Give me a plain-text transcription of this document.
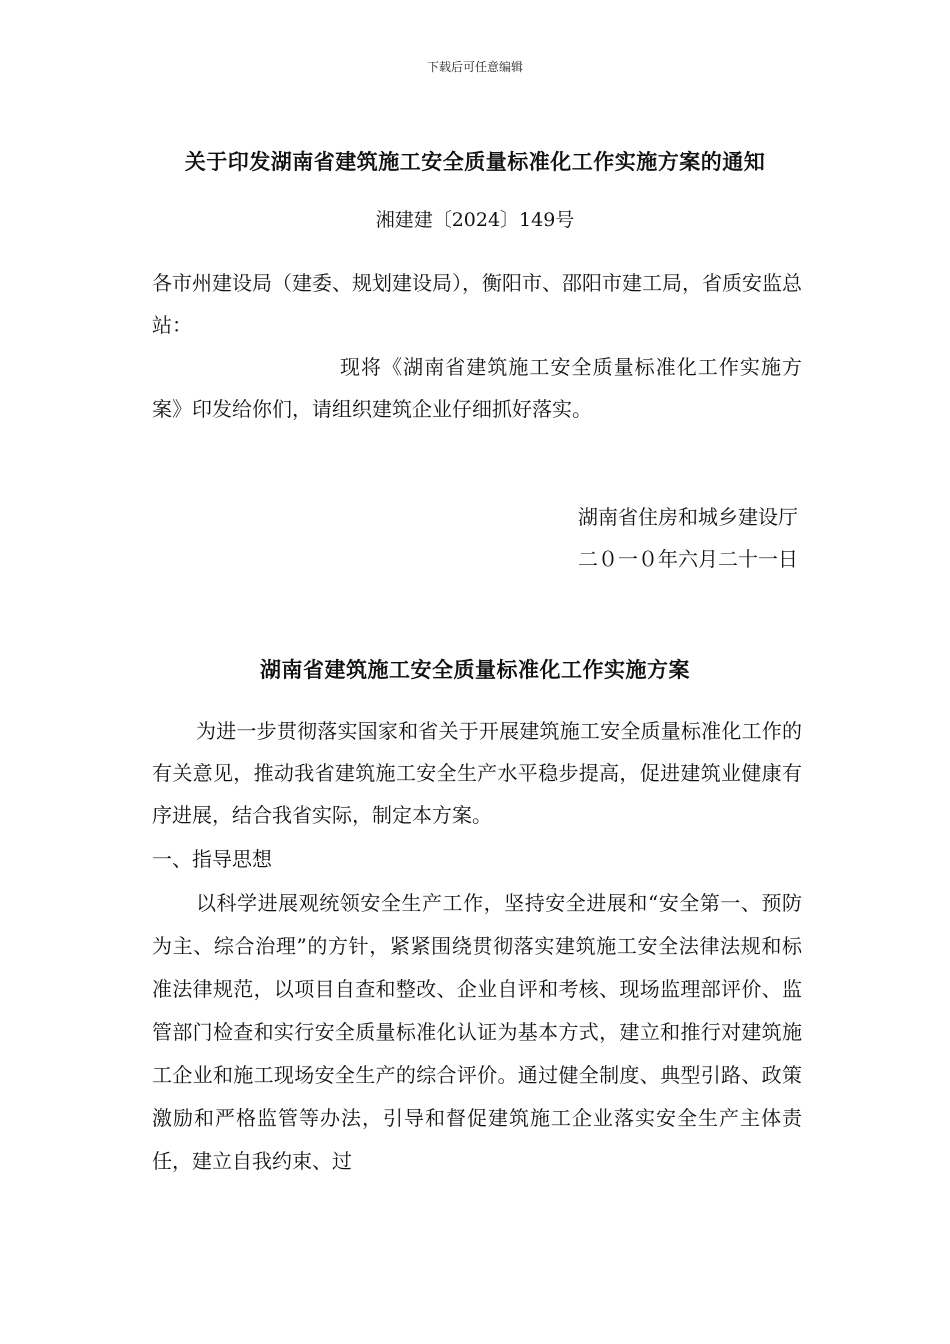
下载后可任意编辑
关于印发湖南省建筑施工安全质量标准化工作实施方案的通知
湘建建〔2024〕149号
各市州建设局（建委、规划建设局），衡阳市、邵阳市建工局，省质安监总站：
现将《湖南省建筑施工安全质量标准化工作实施方案》印发给你们，请组织建筑企业仔细抓好落实。
湖南省住房和城乡建设厅
二０一０年六月二十一日
湖南省建筑施工安全质量标准化工作实施方案
为进一步贯彻落实国家和省关于开展建筑施工安全质量标准化工作的有关意见，推动我省建筑施工安全生产水平稳步提高，促进建筑业健康有序进展，结合我省实际，制定本方案。
一、指导思想
以科学进展观统领安全生产工作，坚持安全进展和“安全第一、预防为主、综合治理”的方针，紧紧围绕贯彻落实建筑施工安全法律法规和标准法律规范，以项目自查和整改、企业自评和考核、现场监理部评价、监管部门检查和实行安全质量标准化认证为基本方式，建立和推行对建筑施工企业和施工现场安全生产的综合评价。通过健全制度、典型引路、政策激励和严格监管等办法，引导和督促建筑施工企业落实安全生产主体责任，建立自我约束、过
